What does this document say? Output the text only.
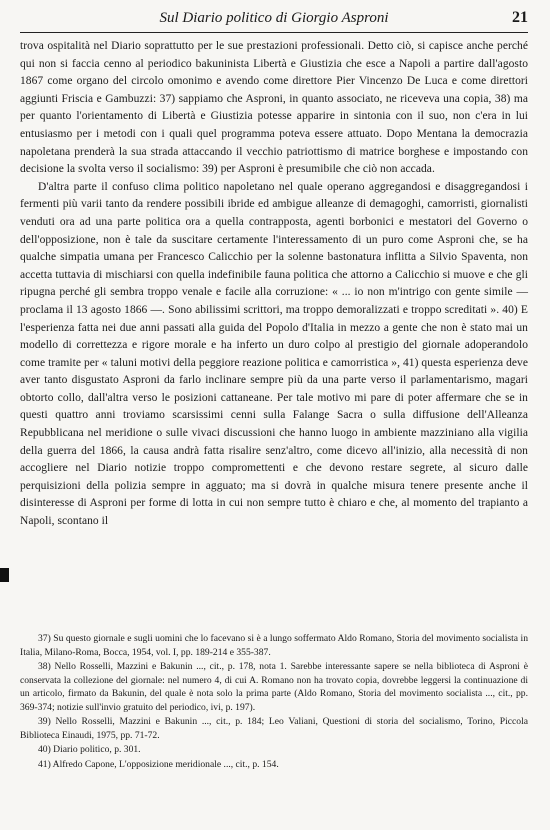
Sul Diario politico di Giorgio Asproni	21

trova ospitalità nel Diario soprattutto per le sue prestazioni professionali. Detto ciò, si capisce anche perché qui non si faccia cenno al periodico bakuninista Libertà e Giustizia che esce a Napoli a partire dall'agosto 1867 come organo del circolo omonimo e avendo come direttore Pier Vincenzo De Luca e come direttori aggiunti Friscia e Gambuzzi: 37) sappiamo che Asproni, in quanto associato, ne riceveva una copia, 38) ma per quanto l'orientamento di Libertà e Giustizia potesse apparire in sintonia con il suo, non c'era in lui entusiasmo per i metodi con i quali quel programma poteva essere attuato. Dopo Mentana la democrazia napoletana prenderà la sua strada attaccando il vecchio patriottismo di matrice borghese e impostando con decisione la svolta verso il socialismo: 39) per Asproni è presumibile che ciò non accada.

D'altra parte il confuso clima politico napoletano nel quale operano aggregandosi e disaggregandosi i fermenti più varii tanto da rendere possibili ibride ed ambigue alleanze di demagoghi, camorristi, giornalisti venduti ora ad una parte politica ora a quella contrapposta, agenti borbonici e mestatori del Governo o dell'opposizione, non è tale da suscitare certamente l'interessamento di un puro come Asproni che, se ha qualche simpatia umana per Francesco Calicchio per la solenne bastonatura inflitta a Silvio Spaventa, non accetta tuttavia di mischiarsi con quella indefinibile fauna politica che attorno a Calicchio si muove e che gli ripugna perché gli sembra troppo venale e facile alla corruzione: « ... io non m'intrigo con gente simile — proclama il 13 agosto 1866 —. Sono abilissimi scrittori, ma troppo demoralizzati e troppo screditati ». 40) E l'esperienza fatta nei due anni passati alla guida del Popolo d'Italia in mezzo a gente che non è stato mai un modello di correttezza e rigore morale e ha inferto un duro colpo al prestigio del giornale adoperandolo come tramite per « taluni motivi della peggiore reazione politica e camorristica », 41) questa esperienza deve aver tanto disgustato Asproni da farlo inclinare sempre più da una parte verso il parlamentarismo, magari obtorto collo, dall'altra verso le posizioni cattaneane. Per tale motivo mi pare di poter affermare che se in questi quattro anni troviamo scarsissimi cenni sulla Falange Sacra o sulla diffusione dell'Alleanza Repubblicana nel meridione o sulle vivaci discussioni che hanno luogo in ambiente mazziniano alla vigilia della guerra del 1866, la causa andrà fatta risalire senz'altro, come dicevo all'inizio, alla necessità di non accogliere nel Diario notizie troppo compromettenti e che devono restare segrete, al sicuro dalle perquisizioni della polizia sempre in agguato; ma si dovrà in qualche misura tenere presente anche il disinteresse di Asproni per forme di lotta in cui non sempre tutto è chiaro e che, al momento del trapianto a Napoli, scontano il

37) Su questo giornale e sugli uomini che lo facevano si è a lungo soffermato Aldo Romano, Storia del movimento socialista in Italia, Milano-Roma, Bocca, 1954, vol. I, pp. 189-214 e 355-387.

38) Nello Rosselli, Mazzini e Bakunin ..., cit., p. 178, nota 1. Sarebbe interessante sapere se nella biblioteca di Asproni è conservata la collezione del giornale: nel numero 4, di cui A. Romano non ha trovato copia, dovrebbe leggersi la continuazione di un articolo, firmato da Bakunin, del quale è nota solo la prima parte (Aldo Romano, Storia del movimento socialista ..., cit., pp. 369-374; notizie sull'invio gratuito del periodico, ivi, p. 197).

39) Nello Rosselli, Mazzini e Bakunin ..., cit., p. 184; Leo Valiani, Questioni di storia del socialismo, Torino, Piccola Biblioteca Einaudi, 1975, pp. 71-72.

40) Diario politico, p. 301.

41) Alfredo Capone, L'opposizione meridionale ..., cit., p. 154.
